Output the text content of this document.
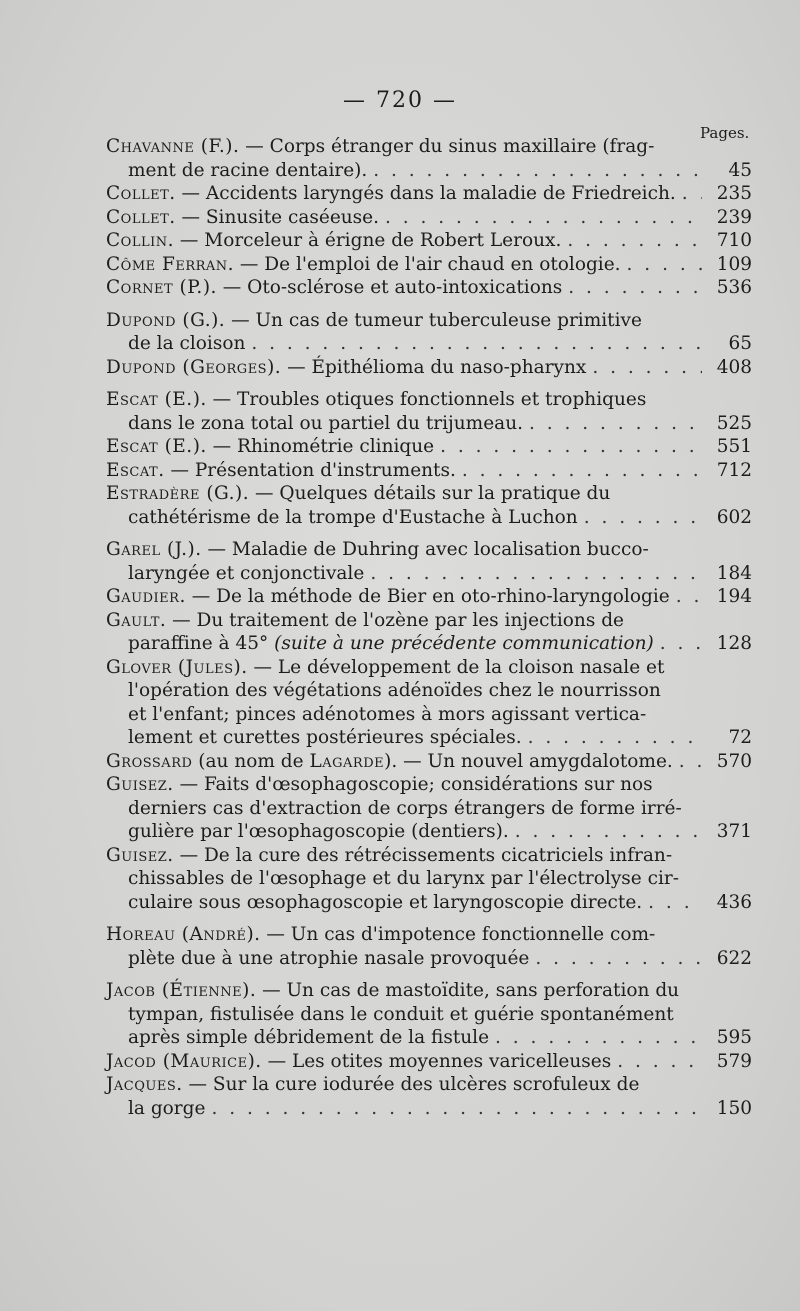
— 720 —
Pages.
Chavanne (F.). — Corps étranger du sinus maxillaire (frag-
ment de racine dentaire). . . .	45
Collet. — Accidents laryngés dans la maladie de Friedreich. . . .	235
Collet. — Sinusite caséeuse. . . .	239
Collin. — Morceleur à érigne de Robert Leroux. . . .	710
Côme Ferran. — De l'emploi de l'air chaud en otologie. . . .	109
Cornet (P.). — Oto-sclérose et auto-intoxications . . .	536
Dupond (G.). — Un cas de tumeur tuberculeuse primitive
de la cloison . . .	65
Dupond (Georges). — Épithélioma du naso-pharynx . . .	408
Escat (E.). — Troubles otiques fonctionnels et trophiques
dans le zona total ou partiel du trijumeau. . . .	525
Escat (E.). — Rhinométrie clinique . . .	551
Escat. — Présentation d'instruments. . . .	712
Estradère (G.). — Quelques détails sur la pratique du
cathétérisme de la trompe d'Eustache à Luchon . . .	602
Garel (J.). — Maladie de Duhring avec localisation bucco-
laryngée et conjonctivale . . .	184
Gaudier. — De la méthode de Bier en oto-rhino-laryngologie . . .	194
Gault. — Du traitement de l'ozène par les injections de
paraffine à 45° (suite à une précédente communication) . . .	128
Glover (Jules). — Le développement de la cloison nasale et
l'opération des végétations adénoïdes chez le nourrisson
et l'enfant; pinces adénotomes à mors agissant vertica-
lement et curettes postérieures spéciales. . . .	72
Grossard (au nom de Lagarde). — Un nouvel amygdalotome. . . .	570
Guisez. — Faits d'œsophagoscopie; considérations sur nos
derniers cas d'extraction de corps étrangers de forme irré-
gulière par l'œsophagoscopie (dentiers). . . .	371
Guisez. — De la cure des rétrécissements cicatriciels infran-
chissables de l'œsophage et du larynx par l'électrolyse cir-
culaire sous œsophagoscopie et laryngoscopie directe. . . .	436
Horeau (André). — Un cas d'impotence fonctionnelle com-
plète due à une atrophie nasale provoquée . . .	622
Jacob (Étienne). — Un cas de mastoïdite, sans perforation du
tympan, fistulisée dans le conduit et guérie spontanément
après simple débridement de la fistule . . .	595
Jacod (Maurice). — Les otites moyennes varicelleuses . . .	579
Jacques. — Sur la cure iodurée des ulcères scrofuleux de
la gorge . . .	150
